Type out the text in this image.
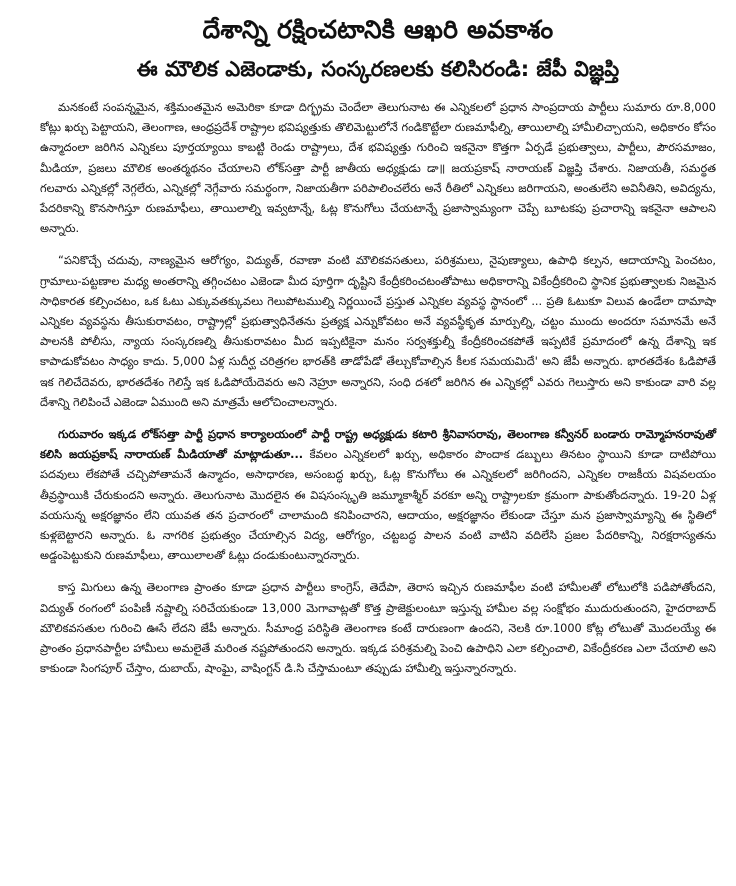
దేశాన్ని రక్షించటానికి ఆఖరి అవకాశం
ఈ మౌలిక ఎజెండాకు, సంస్కరణలకు కలిసిరండి: జేపీ విజ్ఞప్తి

మనకంటే సంపన్నమైన, శక్తిమంతమైన అమెరికా కూడా దిగ్భ్రమ చెందేలా తెలుగునాట ఈ ఎన్నికలలో ప్రధాన సాంప్రదాయ పార్టీలు సుమారు రూ.8,000 కోట్లు ఖర్చు పెట్టాయని, తెలంగాణ, ఆంధ్రప్రదేశ్ రాష్ట్రాల భవిష్యత్తుకు తొలిమెట్టులోనే గండికొట్టేలా రుణమాఫీల్ని, తాయిలాల్ని హామీలిచ్చాయని, అధికారం కోసం ఉన్మాదంలా జరిగిన ఎన్నికలు పూర్తయ్యాయి కాబట్టి రెండు రాష్ట్రాలు, దేశ భవిష్యత్తు గురించి ఇకనైనా కొత్తగా ఏర్పడే ప్రభుత్వాలు, పార్టీలు, పౌరసమాజం, మీడియా, ప్రజలు మౌలిక అంతర్మథనం చేయాలని లోక్‌సత్తా పార్టీ జాతీయ అధ్యక్షుడు డా॥ జయప్రకాష్ నారాయణ్ విజ్ఞప్తి చేశారు. నిజాయతీ, సమర్థత గలవారు ఎన్నికల్లో నెగ్గలేరు, ఎన్నికల్లో నెగ్గేవారు సమర్థంగా, నిజాయతీగా పరిపాలించలేరు అనే రీతిలో ఎన్నికలు జరిగాయని, అంతులేని అవినీతిని, అవిద్యను, పేదరికాన్ని కొనసాగిస్తూ రుణమాఫీలు, తాయిలాల్ని ఇవ్వటాన్నే, ఓట్ల కొనుగోలు చేయటాన్నే ప్రజాస్వామ్యంగా చెప్పే బూటకపు ప్రచారాన్ని ఇకనైనా ఆపాలని అన్నారు.

“పనికొచ్చే చదువు, నాణ్యమైన ఆరోగ్యం, విద్యుత్, రవాణా వంటి మౌలికవసతులు, పరిశ్రమలు, నైపుణ్యాలు, ఉపాధి కల్పన, ఆదాయాన్ని పెంచటం, గ్రామాలు-పట్టణాల మధ్య అంతరాన్ని తగ్గించటం ఎజెండా మీద పూర్తిగా దృష్టిని కేంద్రీకరించటంతోపాటు అధికారాన్ని వికేంద్రీకరించి స్థానిక ప్రభుత్వాలకు నిజమైన సాధికారత కల్పించటం, ఒక ఓటు ఎక్కువతక్కువలు గెలుపోటముల్ని నిర్ణయించే ప్రస్తుత ఎన్నికల వ్యవస్థ స్థానంలో ... ప్రతి ఓటుకూ విలువ ఉండేలా దామాషా ఎన్నికల వ్యవస్థను తీసుకురావటం, రాష్ట్రాల్లో ప్రభుత్వాధినేతను ప్రత్యక్ష ఎన్నుకోవటం అనే వ్యవస్థీకృత మార్పుల్ని, చట్టం ముందు అందరూ సమానమే అనే పాలనకి పోలీసు, న్యాయ సంస్కరణల్ని తీసుకురావటం మీద ఇప్పటికైనా మనం సర్వశక్తుల్నీ కేంద్రీకరించకపోతే ఇప్పటికే ప్రమాదంలో ఉన్న దేశాన్ని ఇక కాపాడుకోవటం సాధ్యం కాదు. 5,000 ఏళ్ల సుదీర్ఘ చరిత్రగల భారత్‌కి తాడోపేడో తేల్చుకోవాల్సిన కీలక సమయమిదే' అని జేపీ అన్నారు. భారతదేశం ఓడిపోతే ఇక గెలిచేదెవరు, భారతదేశం గెలిస్తే ఇక ఓడిపోయేదెవరు అని నెహ్రూ అన్నారని, సంధి దశలో జరిగిన ఈ ఎన్నికల్లో ఎవరు గెలుస్తారు అని కాకుండా వారి వల్ల దేశాన్ని గెలిపించే ఎజెండా ఏముంది అని మాత్రమే ఆలోచించాలన్నారు.

గురువారం ఇక్కడ లోక్‌సత్తా పార్టీ ప్రధాన కార్యాలయంలో పార్టీ రాష్ట్ర అధ్యక్షుడు కటారి శ్రీనివాసరావు, తెలంగాణ కన్వీనర్ బండారు రామ్మోహనరావుతో కలిసి జయప్రకాష్ నారాయణ్ మీడియాతో మాట్లాడుతూ... కేవలం ఎన్నికలలో ఖర్చు, అధికారం పొందాక డబ్బులు తినటం స్థాయిని కూడా దాటిపోయి పదవులు లేకపోతే చచ్చిపోతామనే ఉన్మాదం, అసాధారణ, అసంబద్ధ ఖర్చు, ఓట్ల కొనుగోలు ఈ ఎన్నికలలో జరిగిందని, ఎన్నికల రాజకీయ విషవలయం తీవ్రస్థాయికి చేరుకుందని అన్నారు. తెలుగునాట మొదలైన ఈ విషసంస్కృతి జమ్మూకాశ్మీర్ వరకూ అన్ని రాష్ట్రాలకూ క్రమంగా పాకుతోందన్నారు. 19-20 ఏళ్ల వయసున్న అక్షరజ్ఞానం లేని యువత తన ప్రచారంలో చాలామంది కనిపించారని, ఆదాయం, అక్షరజ్ఞానం లేకుండా చేస్తూ మన ప్రజాస్వామ్యాన్ని ఈ స్థితిలో కుళ్లబెట్టారని అన్నారు. ఓ నాగరిక ప్రభుత్వం చేయాల్సిన విద్య, ఆరోగ్యం, చట్టబద్ధ పాలన వంటి వాటిని వదిలేసి ప్రజల పేదరికాన్ని, నిరక్షరాస్యతను అడ్డంపెట్టుకుని రుణమాఫీలు, తాయిలాలతో ఓట్లు దండుకుంటున్నారన్నారు.

కాస్త మిగులు ఉన్న తెలంగాణ ప్రాంతం కూడా ప్రధాన పార్టీలు కాంగ్రెస్, తెదేపా, తెరాస ఇచ్చిన రుణమాఫీల వంటి హామీలతో లోటులోకి పడిపోతోందని, విద్యుత్ రంగంలో పంపిణీ నష్టాల్ని సరిచేయకుండా 13,000 మెగావాట్లతో కొత్త ప్రాజెక్టులంటూ ఇస్తున్న హామీల వల్ల సంక్షోభం ముదురుతుందని, హైదరాబాద్ మౌలికవసతుల గురించి ఊసే లేదని జేపీ అన్నారు. సీమాంధ్ర పరిస్థితి తెలంగాణ కంటే దారుణంగా ఉందని, నెలకి రూ.1000 కోట్ల లోటుతో మొదలయ్యే ఈ ప్రాంతం ప్రధానపార్టీల హామీలు అమలైతే మరింత నష్టపోతుందని అన్నారు. ఇక్కడ పరిశ్రమల్ని పెంచి ఉపాధిని ఎలా కల్పించాలి, వికేంద్రీకరణ ఎలా చేయాలి అని కాకుండా సింగపూర్ చేస్తాం, దుబాయ్, షాంఘై, వాషింగ్టన్ డి.సి చేస్తామంటూ తప్పుడు హామీల్ని ఇస్తున్నారన్నారు.
